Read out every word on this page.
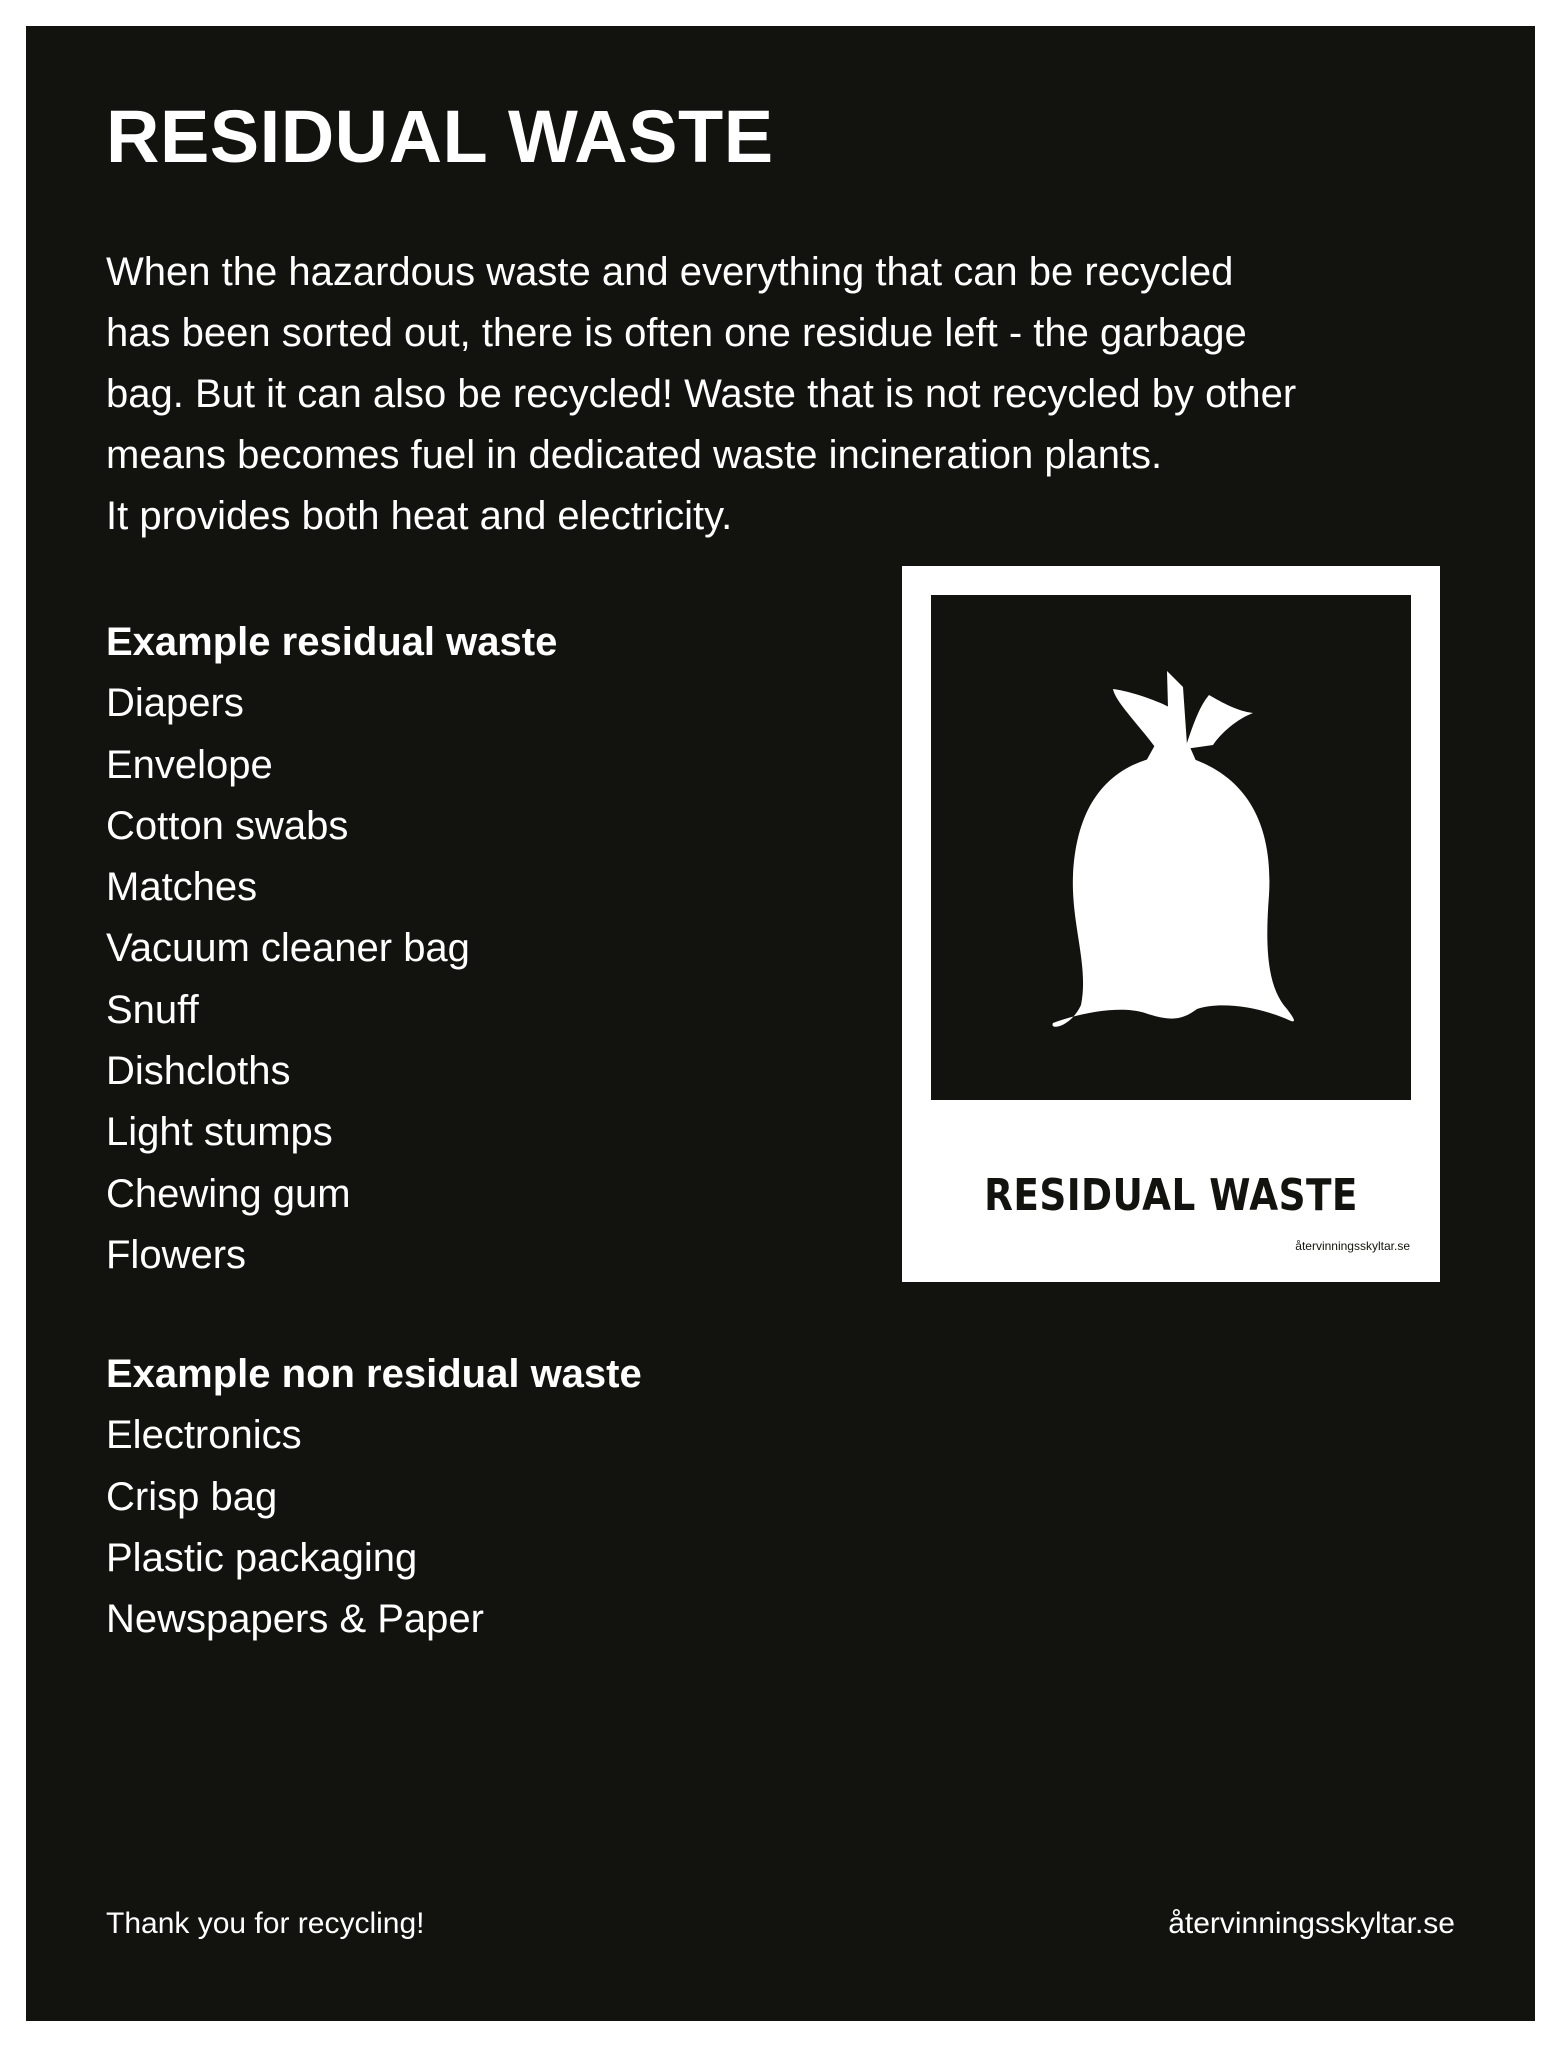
RESIDUAL WASTE

When the hazardous waste and everything that can be recycled

has been sorted out, there is often one residue left - the garbage

bag. But it can also be recycled! Waste that is not recycled by other

means becomes fuel in dedicated waste incineration plants.

It provides both heat and electricity.

Example residual waste
Diapers
Envelope
Cotton swabs
Matches
Vacuum cleaner bag
Snuff
Dishcloths
Light stumps
Chewing gum
Flowers
Example non residual waste
Electronics
Crisp bag
Plastic packaging
Newspapers & Paper
RESIDUAL WASTE
återvinningsskyltar.se
Thank you for recycling!	återvinningsskyltar.se
